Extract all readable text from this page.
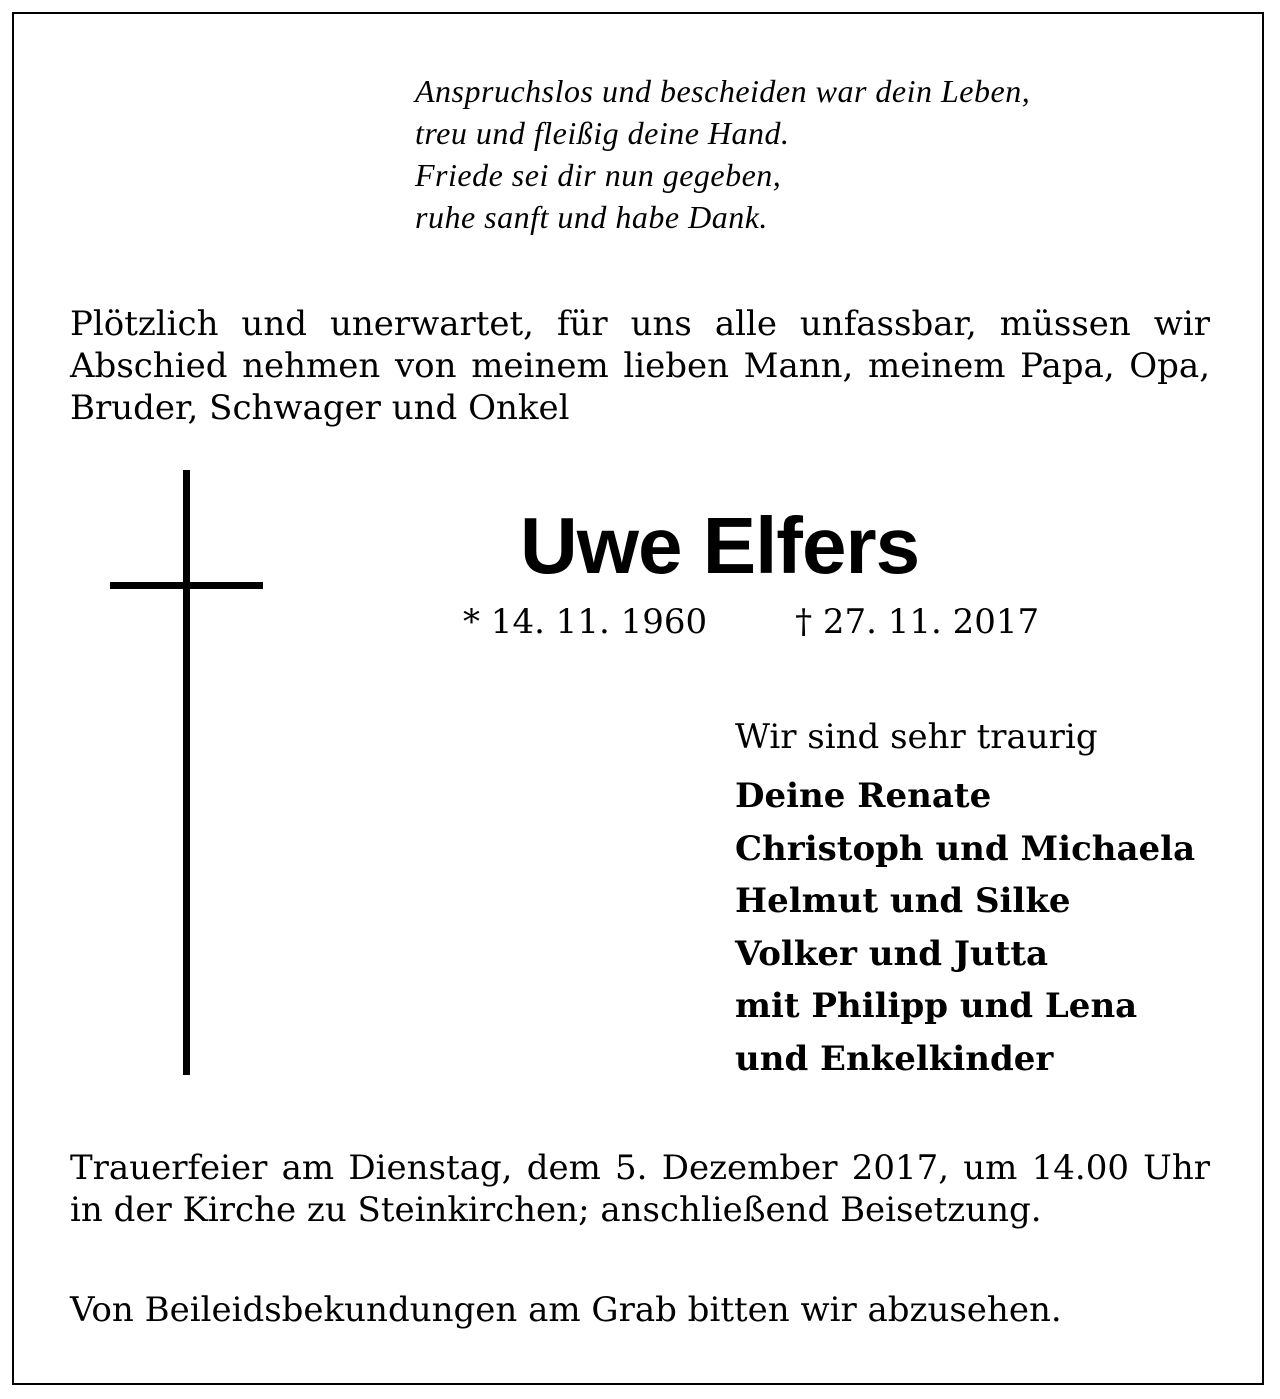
Anspruchslos und bescheiden war dein Leben,
treu und fleißig deine Hand.
Friede sei dir nun gegeben,
ruhe sanft und habe Dank.
Plötzlich und unerwartet, für uns alle unfassbar, müssen wir Abschied nehmen von meinem lieben Mann, meinem Papa, Opa, Bruder, Schwager und Onkel
Uwe Elfers
* 14. 11. 1960	† 27. 11. 2017
Wir sind sehr traurig
Deine Renate
Christoph und Michaela
Helmut und Silke
Volker und Jutta
mit Philipp und Lena
und Enkelkinder
Trauerfeier am Dienstag, dem 5. Dezember 2017, um 14.00 Uhr in der Kirche zu Steinkirchen; anschließend Beisetzung.
Von Beileidsbekundungen am Grab bitten wir abzusehen.
